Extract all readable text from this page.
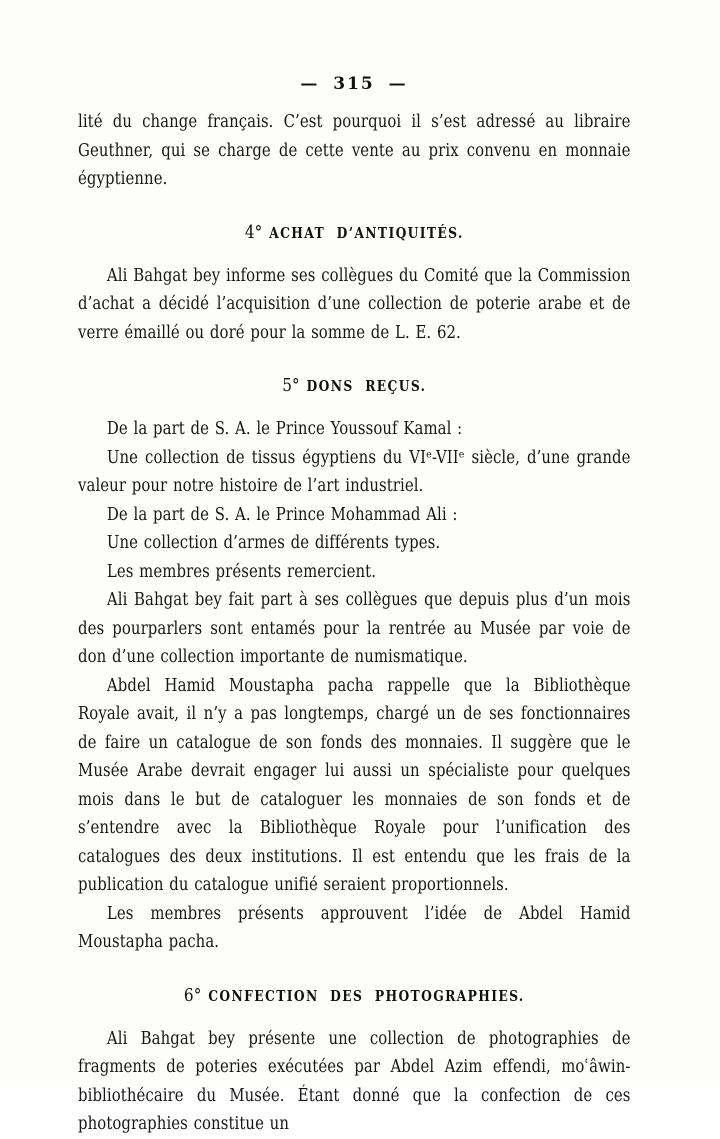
— 315 —

lité du change français. C’est pourquoi il s’est adressé au libraire Geuthner, qui se charge de cette vente au prix convenu en monnaie égyptienne.

4° ACHAT D’ANTIQUITÉS.

Ali Bahgat bey informe ses collègues du Comité que la Commission d’achat a décidé l’acquisition d’une collection de poterie arabe et de verre émaillé ou doré pour la somme de L. E. 62.

5° DONS REÇUS.

De la part de S. A. le Prince Youssouf Kamal :

Une collection de tissus égyptiens du VIᵉ-VIIᵉ siècle, d’une grande valeur pour notre histoire de l’art industriel.

De la part de S. A. le Prince Mohammad Ali :

Une collection d’armes de différents types.

Les membres présents remercient.

Ali Bahgat bey fait part à ses collègues que depuis plus d’un mois des pourparlers sont entamés pour la rentrée au Musée par voie de don d’une collection importante de numismatique.

Abdel Hamid Moustapha pacha rappelle que la Bibliothèque Royale avait, il n’y a pas longtemps, chargé un de ses fonctionnaires de faire un catalogue de son fonds des monnaies. Il suggère que le Musée Arabe devrait engager lui aussi un spécialiste pour quelques mois dans le but de cataloguer les monnaies de son fonds et de s’entendre avec la Bibliothèque Royale pour l’unification des catalogues des deux institutions. Il est entendu que les frais de la publication du catalogue unifié seraient proportionnels.

Les membres présents approuvent l’idée de Abdel Hamid Moustapha pacha.

6° CONFECTION DES PHOTOGRAPHIES.

Ali Bahgat bey présente une collection de photographies de fragments de poteries exécutées par Abdel Azim effendi, moʿâwin-bibliothécaire du Musée. Étant donné que la confection de ces photographies constitue un
